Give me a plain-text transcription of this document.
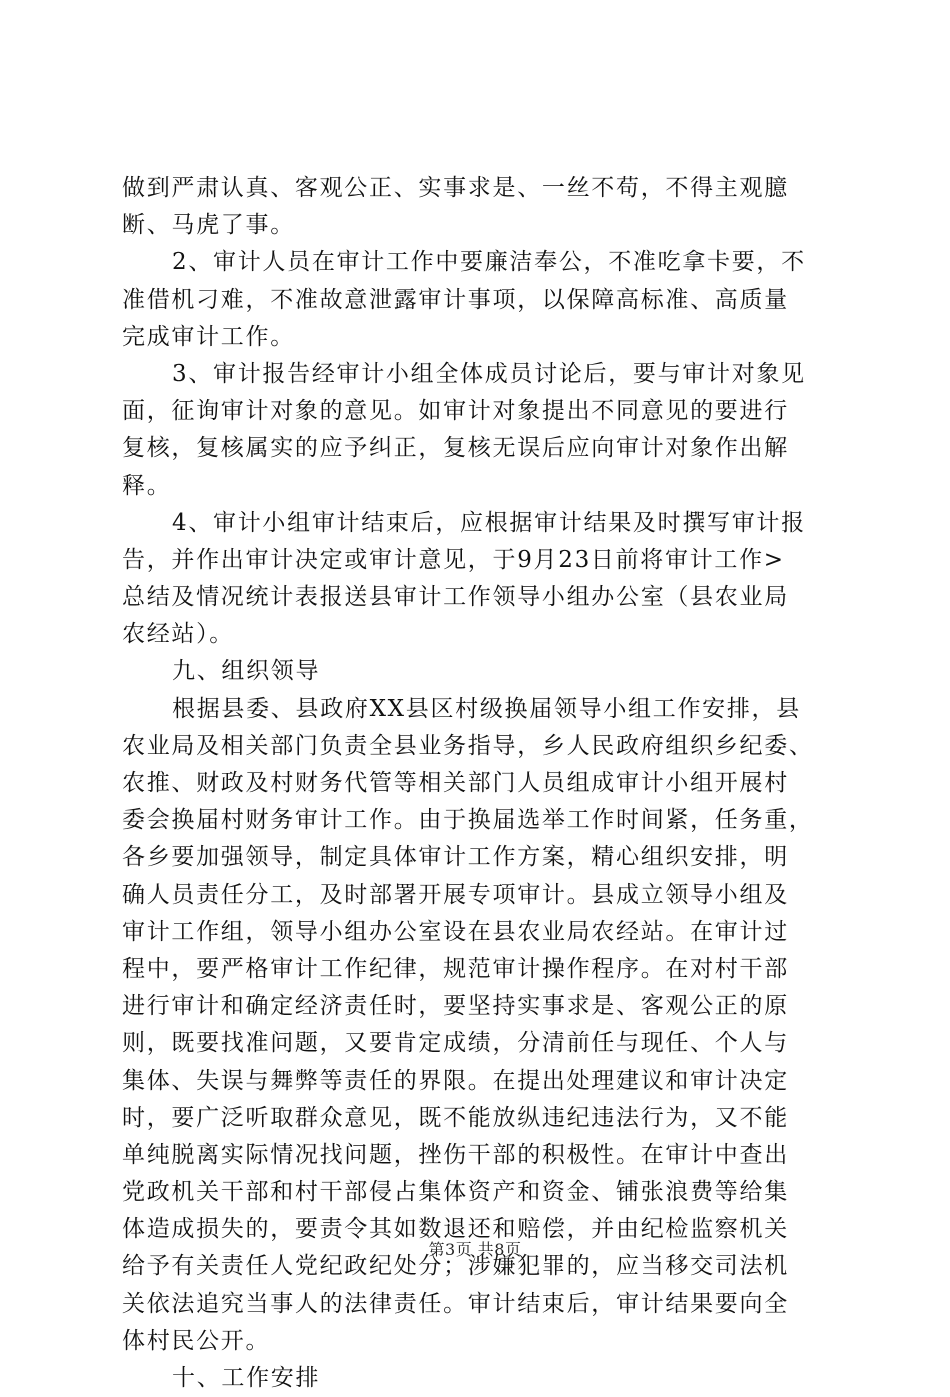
做到严肃认真、客观公正、实事求是、一丝不苟，不得主观臆
断、马虎了事。
2、审计人员在审计工作中要廉洁奉公，不准吃拿卡要，不
准借机刁难，不准故意泄露审计事项，以保障高标准、高质量
完成审计工作。
3、审计报告经审计小组全体成员讨论后，要与审计对象见
面，征询审计对象的意见。如审计对象提出不同意见的要进行
复核，复核属实的应予纠正，复核无误后应向审计对象作出解
释。
4、审计小组审计结束后，应根据审计结果及时撰写审计报
告，并作出审计决定或审计意见，于9月23日前将审计工作>
总结及情况统计表报送县审计工作领导小组办公室（县农业局
农经站）。
九、组织领导
根据县委、县政府XX县区村级换届领导小组工作安排，县
农业局及相关部门负责全县业务指导，乡人民政府组织乡纪委、
农推、财政及村财务代管等相关部门人员组成审计小组开展村
委会换届村财务审计工作。由于换届选举工作时间紧，任务重，
各乡要加强领导，制定具体审计工作方案，精心组织安排，明
确人员责任分工，及时部署开展专项审计。县成立领导小组及
审计工作组，领导小组办公室设在县农业局农经站。在审计过
程中，要严格审计工作纪律，规范审计操作程序。在对村干部
进行审计和确定经济责任时，要坚持实事求是、客观公正的原
则，既要找准问题，又要肯定成绩，分清前任与现任、个人与
集体、失误与舞弊等责任的界限。在提出处理建议和审计决定
时，要广泛听取群众意见，既不能放纵违纪违法行为，又不能
单纯脱离实际情况找问题，挫伤干部的积极性。在审计中查出
党政机关干部和村干部侵占集体资产和资金、铺张浪费等给集
体造成损失的，要责令其如数退还和赔偿，并由纪检监察机关
给予有关责任人党纪政纪处分；涉嫌犯罪的，应当移交司法机
关依法追究当事人的法律责任。审计结束后，审计结果要向全
体村民公开。
十、工作安排
第3页 共8页
